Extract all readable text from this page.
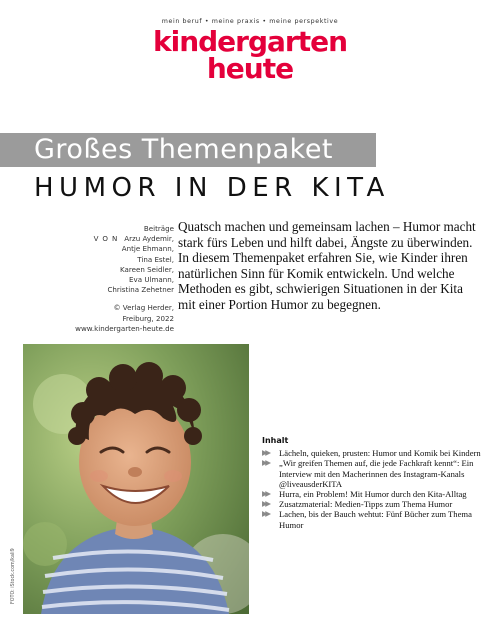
mein beruf • meine praxis • meine perspektive
kindergarten
heute
Großes Themenpaket
HUMOR IN DER KITA
Beiträge
VON Arzu Aydemir,
Antje Ehmann,
Tina Estel,
Kareen Seidler,
Eva Ulmann,
Christina Zehetner
© Verlag Herder,
Freiburg, 2022
www.kindergarten-heute.de
Quatsch machen und gemeinsam lachen – Humor macht stark fürs Leben und hilft dabei, Ängste zu überwinden. In diesem Themenpaket erfahren Sie, wie Kinder ihren natürlichen Sinn für Komik entwickeln. Und welche Methoden es gibt, schwierigen Situationen in der Kita mit einer Portion Humor zu begegnen.
FOTO: iStock.com/kali9
Inhalt
▶▶	Lächeln, quieken, prusten: Humor und Komik bei Kindern
▶▶	„Wir greifen Themen auf, die jede Fachkraft kennt“: Ein Interview mit den Macherinnen des Instagram-Kanals @liveausderKITA
▶▶	Hurra, ein Problem! Mit Humor durch den Kita-Alltag
▶▶	Zusatzmaterial: Medien-Tipps zum Thema Humor
▶▶	Lachen, bis der Bauch wehtut: Fünf Bücher zum Thema Humor
